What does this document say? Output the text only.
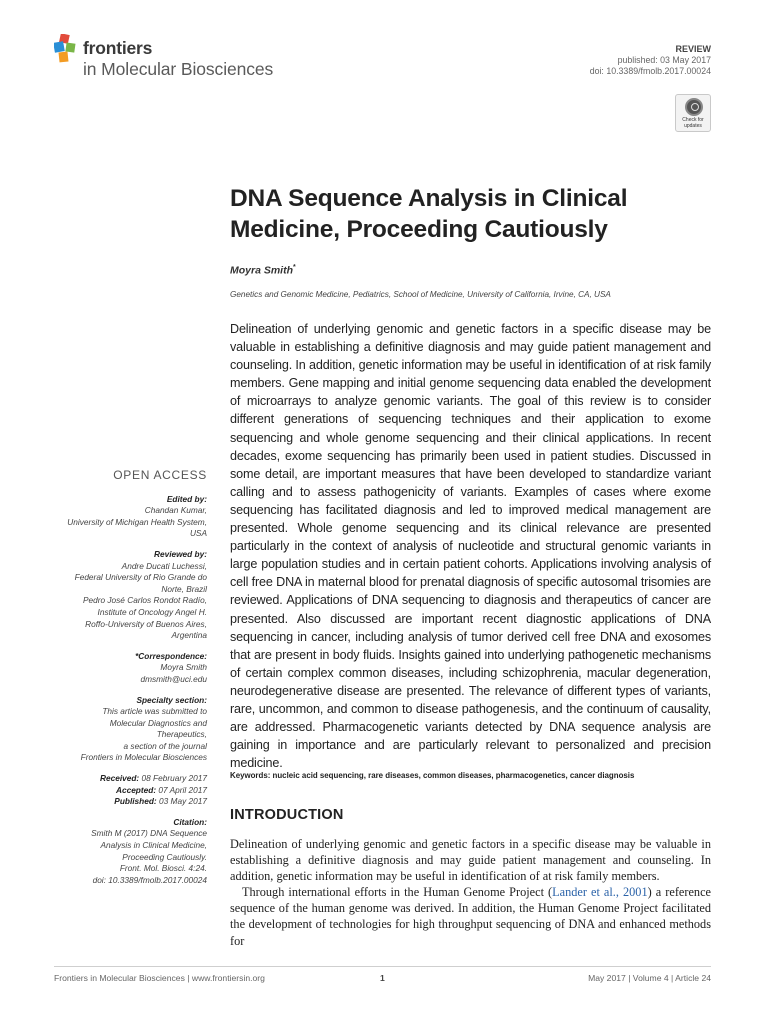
frontiers
in Molecular Biosciences
REVIEW
published: 03 May 2017
doi: 10.3389/fmolb.2017.00024
Check for updates
DNA Sequence Analysis in Clinical Medicine, Proceeding Cautiously
Moyra Smith*
Genetics and Genomic Medicine, Pediatrics, School of Medicine, University of California, Irvine, CA, USA

Delineation of underlying genomic and genetic factors in a specific disease may be valuable in establishing a definitive diagnosis and may guide patient management and counseling. In addition, genetic information may be useful in identification of at risk family members. Gene mapping and initial genome sequencing data enabled the development of microarrays to analyze genomic variants. The goal of this review is to consider different generations of sequencing techniques and their application to exome sequencing and whole genome sequencing and their clinical applications. In recent decades, exome sequencing has primarily been used in patient studies. Discussed in some detail, are important measures that have been developed to standardize variant calling and to assess pathogenicity of variants. Examples of cases where exome sequencing has facilitated diagnosis and led to improved medical management are presented. Whole genome sequencing and its clinical relevance are presented particularly in the context of analysis of nucleotide and structural genomic variants in large population studies and in certain patient cohorts. Applications involving analysis of cell free DNA in maternal blood for prenatal diagnosis of specific autosomal trisomies are reviewed. Applications of DNA sequencing to diagnosis and therapeutics of cancer are presented. Also discussed are important recent diagnostic applications of DNA sequencing in cancer, including analysis of tumor derived cell free DNA and exosomes that are present in body fluids. Insights gained into underlying pathogenetic mechanisms of certain complex common diseases, including schizophrenia, macular degeneration, neurodegenerative disease are presented. The relevance of different types of variants, rare, uncommon, and common to disease pathogenesis, and the continuum of causality, are addressed. Pharmacogenetic variants detected by DNA sequence analysis are gaining in importance and are particularly relevant to personalized and precision medicine.

Keywords: nucleic acid sequencing, rare diseases, common diseases, pharmacogenetics, cancer diagnosis
INTRODUCTION

Delineation of underlying genomic and genetic factors in a specific disease may be valuable in establishing a definitive diagnosis and may guide patient management and counseling. In addition, genetic information may be useful in identification of at risk family members.

Through international efforts in the Human Genome Project (Lander et al., 2001) a reference sequence of the human genome was derived. In addition, the Human Genome Project facilitated the development of technologies for high throughput sequencing of DNA and enhanced methods for

OPEN ACCESS
Edited by:
Chandan Kumar,
University of Michigan Health System,
USA
Reviewed by:
Andre Ducati Luchessi,
Federal University of Rio Grande do
Norte, Brazil
Pedro José Carlos Rondot Radío,
Institute of Oncology Angel H.
Roffo-University of Buenos Aires,
Argentina
*Correspondence:
Moyra Smith
dmsmith@uci.edu
Specialty section:
This article was submitted to
Molecular Diagnostics and
Therapeutics,
a section of the journal
Frontiers in Molecular Biosciences
Received: 08 February 2017
Accepted: 07 April 2017
Published: 03 May 2017
Citation:
Smith M (2017) DNA Sequence
Analysis in Clinical Medicine,
Proceeding Cautiously.
Front. Mol. Biosci. 4:24.
doi: 10.3389/fmolb.2017.00024
Frontiers in Molecular Biosciences | www.frontiersin.org	1	May 2017 | Volume 4 | Article 24
